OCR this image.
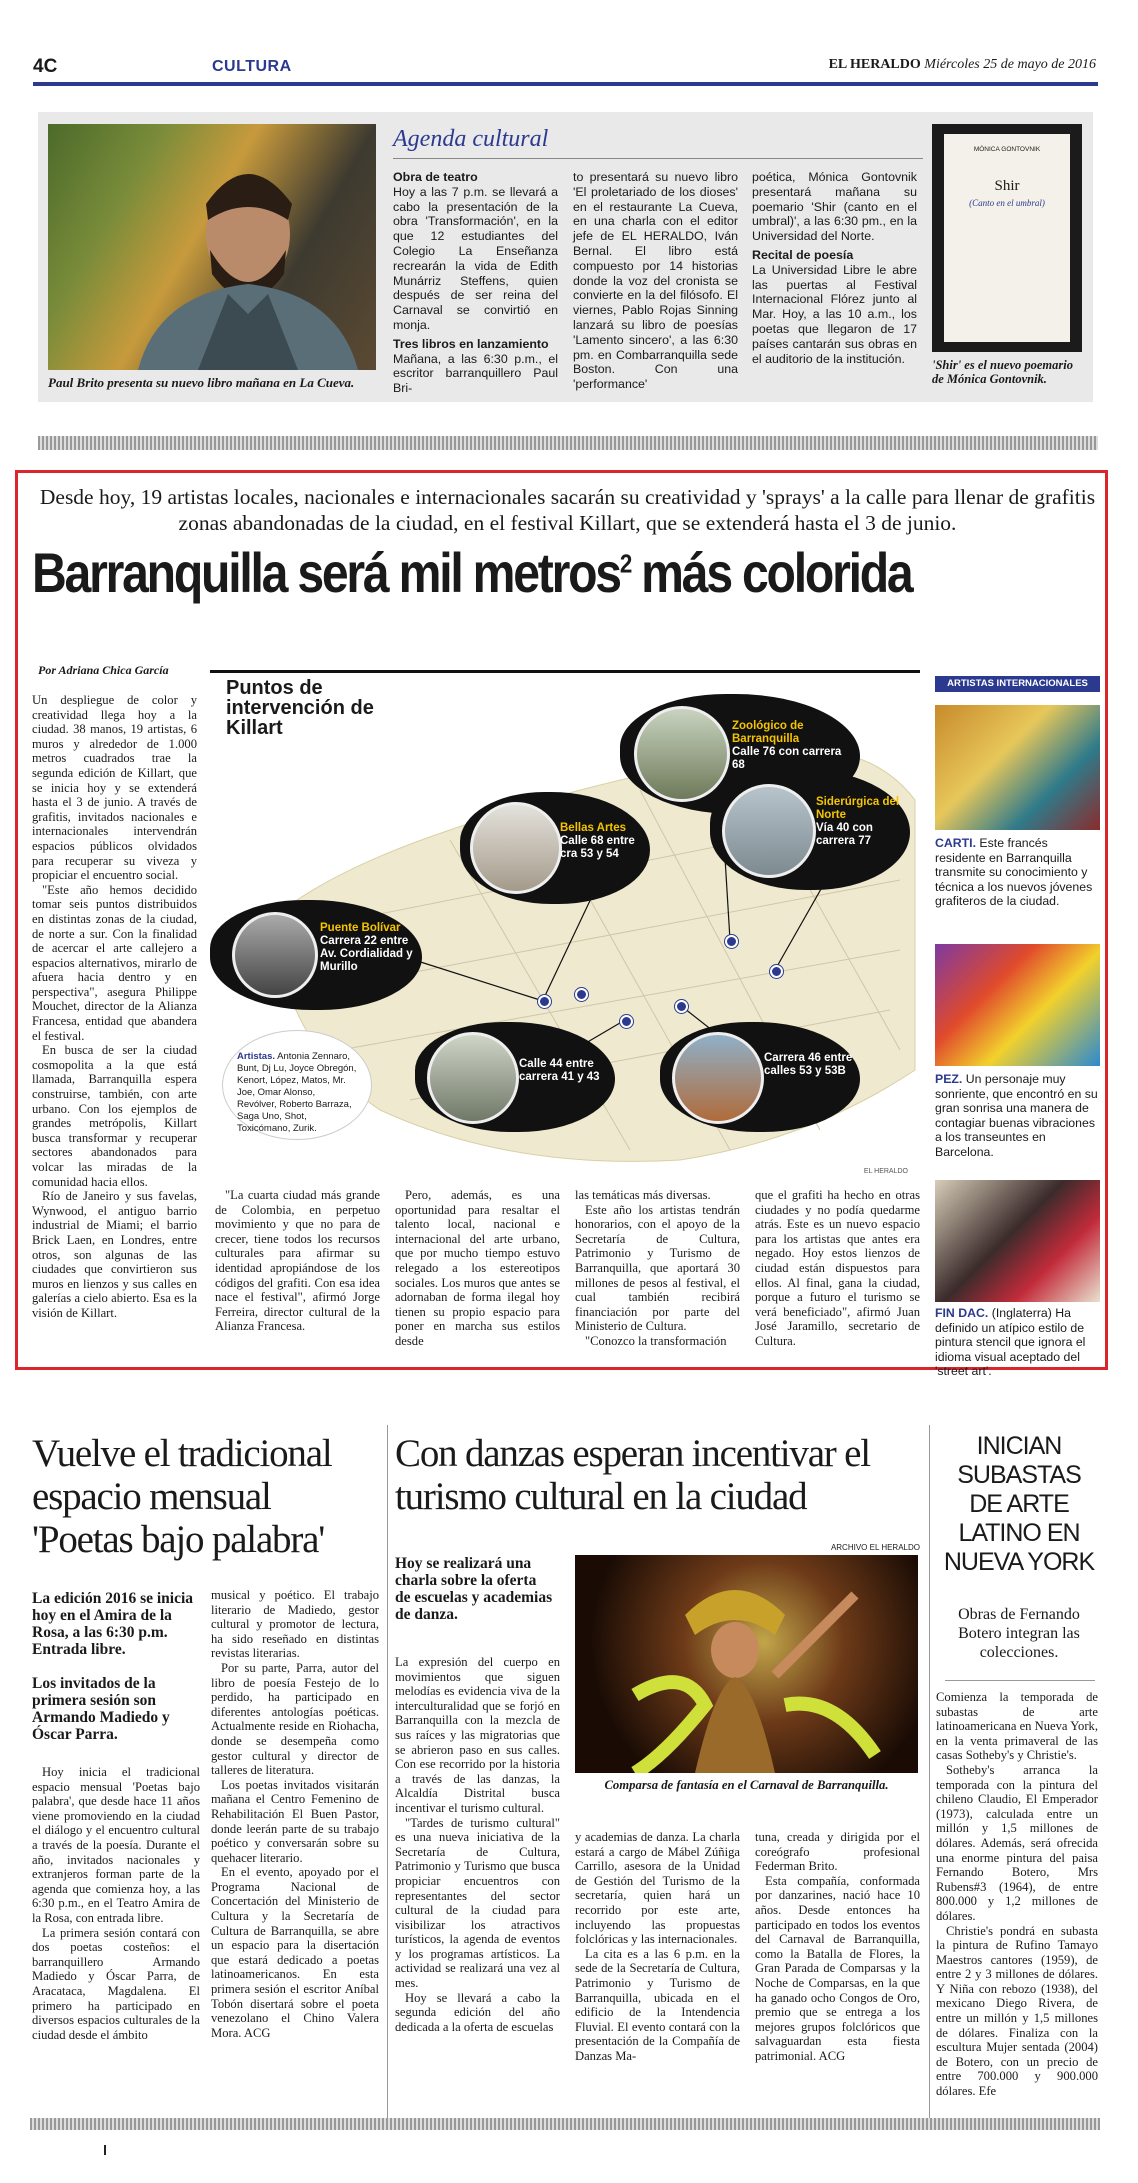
4C	CULTURA	EL HERALDO Miércoles 25 de mayo de 2016
Paul Brito presenta su nuevo libro mañana en La Cueva.
Agenda cultural
Obra de teatro
Hoy a las 7 p.m. se llevará a cabo la presentación de la obra 'Transformación', en la que 12 estudiantes del Colegio La Enseñanza recrearán la vida de Edith Munárriz Steffens, quien después de ser reina del Carnaval se convirtió en monja.
Tres libros en lanzamiento
Mañana, a las 6:30 p.m., el escritor barranquillero Paul Bri-
to presentará su nuevo libro 'El proletariado de los dioses' en el restaurante La Cueva, en una charla con el editor jefe de EL HERALDO, Iván Bernal. El libro está compuesto por 14 historias donde la voz del cronista se convierte en la del filósofo. El viernes, Pablo Rojas Sinning lanzará su libro de poesías 'Lamento sincero', a las 6:30 pm. en Combarranquilla sede Boston. Con una 'performance'
poética, Mónica Gontovnik presentará mañana su poemario 'Shir (canto en el umbral)', a las 6:30 pm., en la Universidad del Norte.
Recital de poesía
La Universidad Libre le abre las puertas al Festival Internacional Flórez junto al Mar. Hoy, a las 10 a.m., los poetas que llegaron de 17 países cantarán sus obras en el auditorio de la institución.
MÓNICA GONTOVNIK
Shir
(Canto en el umbral)
'Shir' es el nuevo poemario de Mónica Gontovnik.
Desde hoy, 19 artistas locales, nacionales e internacionales sacarán su creatividad y 'sprays' a la calle para llenar de grafitis zonas abandonadas de la ciudad, en el festival Killart, que se extenderá hasta el 3 de junio.
Barranquilla será mil metros$^2$ más colorida
Por Adriana Chica García

Un despliegue de color y creatividad llega hoy a la ciudad. 38 manos, 19 artistas, 6 muros y alrededor de 1.000 metros cuadrados trae la segunda edición de Killart, que se inicia hoy y se extenderá hasta el 3 de junio. A través de grafitis, invitados nacionales e internacionales intervendrán espacios públicos olvidados para recuperar su viveza y propiciar el encuentro social.

"Este año hemos decidido tomar seis puntos distribuidos en distintas zonas de la ciudad, de norte a sur. Con la finalidad de acercar el arte callejero a espacios alternativos, mirarlo de afuera hacia dentro y en perspectiva", asegura Philippe Mouchet, director de la Alianza Francesa, entidad que abandera el festival.

En busca de ser la ciudad cosmopolita a la que está llamada, Barranquilla espera construirse, también, con arte urbano. Con los ejemplos de grandes metrópolis, Killart busca transformar y recuperar sectores abandonados para volcar las miradas de la comunidad hacia ellos.

Río de Janeiro y sus favelas, Wynwood, el antiguo barrio industrial de Miami; el barrio Brick Laen, en Londres, entre otros, son algunas de las ciudades que convirtieron sus muros en lienzos y sus calles en galerías a cielo abierto. Esa es la visión de Killart.

Puntos de intervención de Killart	Zoológico de Barranquilla
Calle 76 con carrera 68
Siderúrgica del Norte
Vía 40 con carrera 77
Bellas Artes
Calle 68 entre cra 53 y 54
Puente Bolívar
Carrera 22 entre Av. Cordialidad y Murillo
Calle 44 entre carrera 41 y 43
Carrera 46 entre calles 53 y 53B
Artistas. Antonia Zennaro, Bunt, Dj Lu, Joyce Obregón, Kenort, López, Matos, Mr. Joe, Omar Alonso, Revólver, Roberto Barraza, Saga Uno, Shot, Toxicómano, Zurik.
EL HERALDO

"La cuarta ciudad más grande de Colombia, en perpetuo movimiento y que no para de crecer, tiene todos los recursos culturales para afirmar su identidad apropiándose de los códigos del grafiti. Con esa idea nace el festival", afirmó Jorge Ferreira, director cultural de la Alianza Francesa.

Pero, además, es una oportunidad para resaltar el talento local, nacional e internacional del arte urbano, que por mucho tiempo estuvo relegado a los estereotipos sociales. Los muros que antes se adornaban de forma ilegal hoy tienen su propio espacio para poner en marcha sus estilos desde

las temáticas más diversas.

Este año los artistas tendrán honorarios, con el apoyo de la Secretaría de Cultura, Patrimonio y Turismo de Barranquilla, que aportará 30 millones de pesos al festival, el cual también recibirá financiación por parte del Ministerio de Cultura.

"Conozco la transformación

que el grafiti ha hecho en otras ciudades y no podía quedarme atrás. Este es un nuevo espacio para los artistas que antes era negado. Hoy estos lienzos de ciudad están dispuestos para ellos. Al final, gana la ciudad, porque a futuro el turismo se verá beneficiado", afirmó Juan José Jaramillo, secretario de Cultura.

ARTISTAS INTERNACIONALES
CARTI. Este francés residente en Barranquilla transmite su conocimiento y técnica a los nuevos jóvenes grafiteros de la ciudad.
PEZ. Un personaje muy sonriente, que encontró en su gran sonrisa una manera de contagiar buenas vibraciones a los transeuntes en Barcelona.
FIN DAC. (Inglaterra) Ha definido un atípico estilo de pintura stencil que ignora el idioma visual aceptado del 'street art'.
Vuelve el tradicional espacio mensual 'Poetas bajo palabra'
La edición 2016 se inicia hoy en el Amira de la Rosa, a las 6:30 p.m. Entrada libre.
Los invitados de la primera sesión son Armando Madiedo y Óscar Parra.

Hoy inicia el tradicional espacio mensual 'Poetas bajo palabra', que desde hace 11 años viene promoviendo en la ciudad el diálogo y el encuentro cultural a través de la poesía. Durante el año, invitados nacionales y extranjeros forman parte de la agenda que comienza hoy, a las 6:30 p.m., en el Teatro Amira de la Rosa, con entrada libre.

La primera sesión contará con dos poetas costeños: el barranquillero Armando Madiedo y Óscar Parra, de Aracataca, Magdalena. El primero ha participado en diversos espacios culturales de la ciudad desde el ámbito

musical y poético. El trabajo literario de Madiedo, gestor cultural y promotor de lectura, ha sido reseñado en distintas revistas literarias.

Por su parte, Parra, autor del libro de poesía Festejo de lo perdido, ha participado en diferentes antologías poéticas. Actualmente reside en Riohacha, donde se desempeña como gestor cultural y director de talleres de literatura.

Los poetas invitados visitarán mañana el Centro Femenino de Rehabilitación El Buen Pastor, donde leerán parte de su trabajo poético y conversarán sobre su quehacer literario.

En el evento, apoyado por el Programa Nacional de Concertación del Ministerio de Cultura y la Secretaría de Cultura de Barranquilla, se abre un espacio para la disertación que estará dedicado a poetas latinoamericanos. En esta primera sesión el escritor Aníbal Tobón disertará sobre el poeta venezolano el Chino Valera Mora. ACG

Con danzas esperan incentivar el turismo cultural en la ciudad
Hoy se realizará una charla sobre la oferta de escuelas y academias de danza.
ARCHIVO EL HERALDO
Comparsa de fantasía en el Carnaval de Barranquilla.

La expresión del cuerpo en movimientos que siguen melodías es evidencia viva de la interculturalidad que se forjó en Barranquilla con la mezcla de sus raíces y las migratorias que se abrieron paso en sus calles. Con ese recorrido por la historia a través de las danzas, la Alcaldía Distrital busca incentivar el turismo cultural.

"Tardes de turismo cultural" es una nueva iniciativa de la Secretaría de Cultura, Patrimonio y Turismo que busca propiciar encuentros con representantes del sector cultural de la ciudad para visibilizar los atractivos turísticos, la agenda de eventos y los programas artísticos. La actividad se realizará una vez al mes.

Hoy se llevará a cabo la segunda edición del año dedicada a la oferta de escuelas

y academias de danza. La charla estará a cargo de Mábel Zúñiga Carrillo, asesora de la Unidad de Gestión del Turismo de la secretaría, quien hará un recorrido por este arte, incluyendo las propuestas folclóricas y las internacionales.

La cita es a las 6 p.m. en la sede de la Secretaría de Cultura, Patrimonio y Turismo de Barranquilla, ubicada en el edificio de la Intendencia Fluvial. El evento contará con la presentación de la Compañía de Danzas Ma-

tuna, creada y dirigida por el coreógrafo profesional Federman Brito.

Esta compañía, conformada por danzarines, nació hace 10 años. Desde entonces ha participado en todos los eventos del Carnaval de Barranquilla, como la Batalla de Flores, la Gran Parada de Comparsas y la Noche de Comparsas, en la que ha ganado ocho Congos de Oro, premio que se entrega a los mejores grupos folclóricos que salvaguardan esta fiesta patrimonial. ACG

INICIAN SUBASTAS DE ARTE LATINO EN NUEVA YORK
Obras de Fernando Botero integran las colecciones.

Comienza la temporada de subastas de arte latinoamericana en Nueva York, en la venta primaveral de las casas Sotheby's y Christie's.

Sotheby's arranca la temporada con la pintura del chileno Claudio, El Emperador (1973), calculada entre un millón y 1,5 millones de dólares. Además, será ofrecida una enorme pintura del paisa Fernando Botero, Mrs Rubens#3 (1964), de entre 800.000 y 1,2 millones de dólares.

Christie's pondrá en subasta la pintura de Rufino Tamayo Maestros cantores (1959), de entre 2 y 3 millones de dólares. Y Niña con rebozo (1938), del mexicano Diego Rivera, de entre un millón y 1,5 millones de dólares. Finaliza con la escultura Mujer sentada (2004) de Botero, con un precio de entre 700.000 y 900.000 dólares. Efe
